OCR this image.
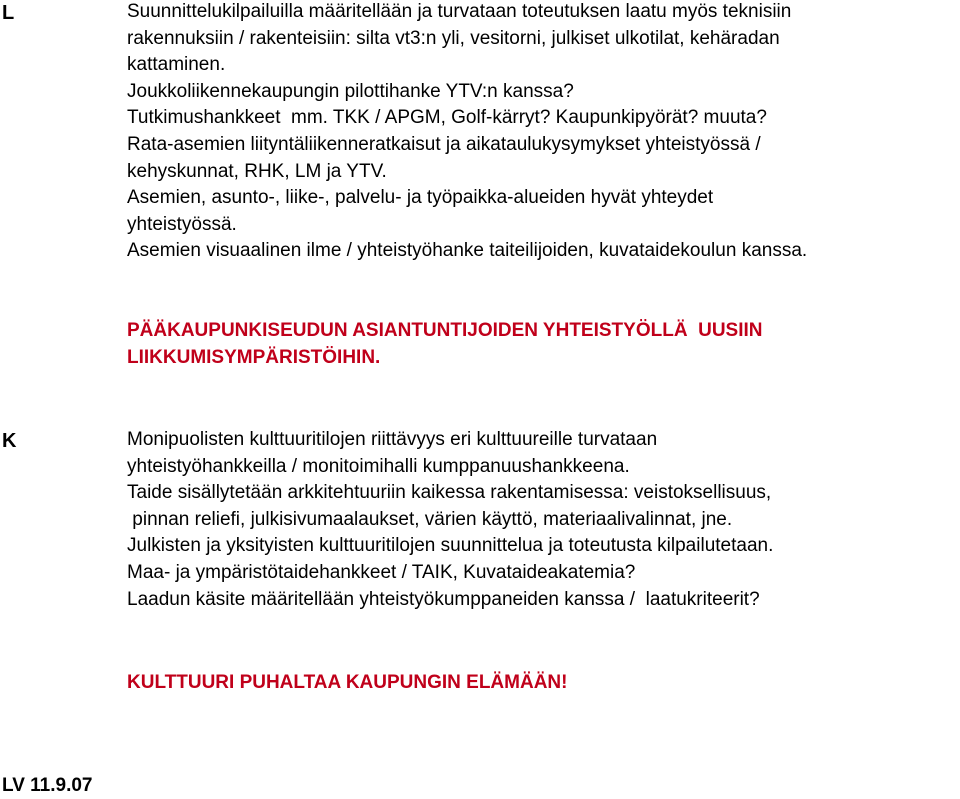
L	Suunnittelukilpailuilla määritellään ja turvataan toteutuksen laatu myös teknisiin

rakennuksiin / rakenteisiin: silta vt3:n yli, vesitorni, julkiset ulkotilat, kehäradan

kattaminen.

Joukkoliikennekaupungin pilottihanke YTV:n kanssa?

Tutkimushankkeet  mm. TKK / APGM, Golf-kärryt? Kaupunkipyörät? muuta?

Rata-asemien liityntäliikenneratkaisut ja aikataulukysymykset yhteistyössä /

kehyskunnat, RHK, LM ja YTV.

Asemien, asunto-, liike-, palvelu- ja työpaikka-alueiden hyvät yhteydet

yhteistyössä.

Asemien visuaalinen ilme / yhteistyöhanke taiteilijoiden, kuvataidekoulun kanssa.

PÄÄKAUPUNKISEUDUN ASIANTUNTIJOIDEN YHTEISTYÖLLÄ  UUSIIN

LIIKKUMISYMPÄRISTÖIHIN.

K	Monipuolisten kulttuuritilojen riittävyys eri kulttuureille turvataan

yhteistyöhankkeilla / monitoimihalli kumppanuushankkeena.

Taide sisällytetään arkkitehtuuriin kaikessa rakentamisessa: veistoksellisuus,

pinnan reliefi, julkisivumaalaukset, värien käyttö, materiaalivalinnat, jne.

Julkisten ja yksityisten kulttuuritilojen suunnittelua ja toteutusta kilpailutetaan.

Maa- ja ympäristötaidehankkeet / TAIK, Kuvataideakatemia?

Laadun käsite määritellään yhteistyökumppaneiden kanssa /  laatukriteerit?

KULTTUURI PUHALTAA KAUPUNGIN ELÄMÄÄN!

LV 11.9.07
